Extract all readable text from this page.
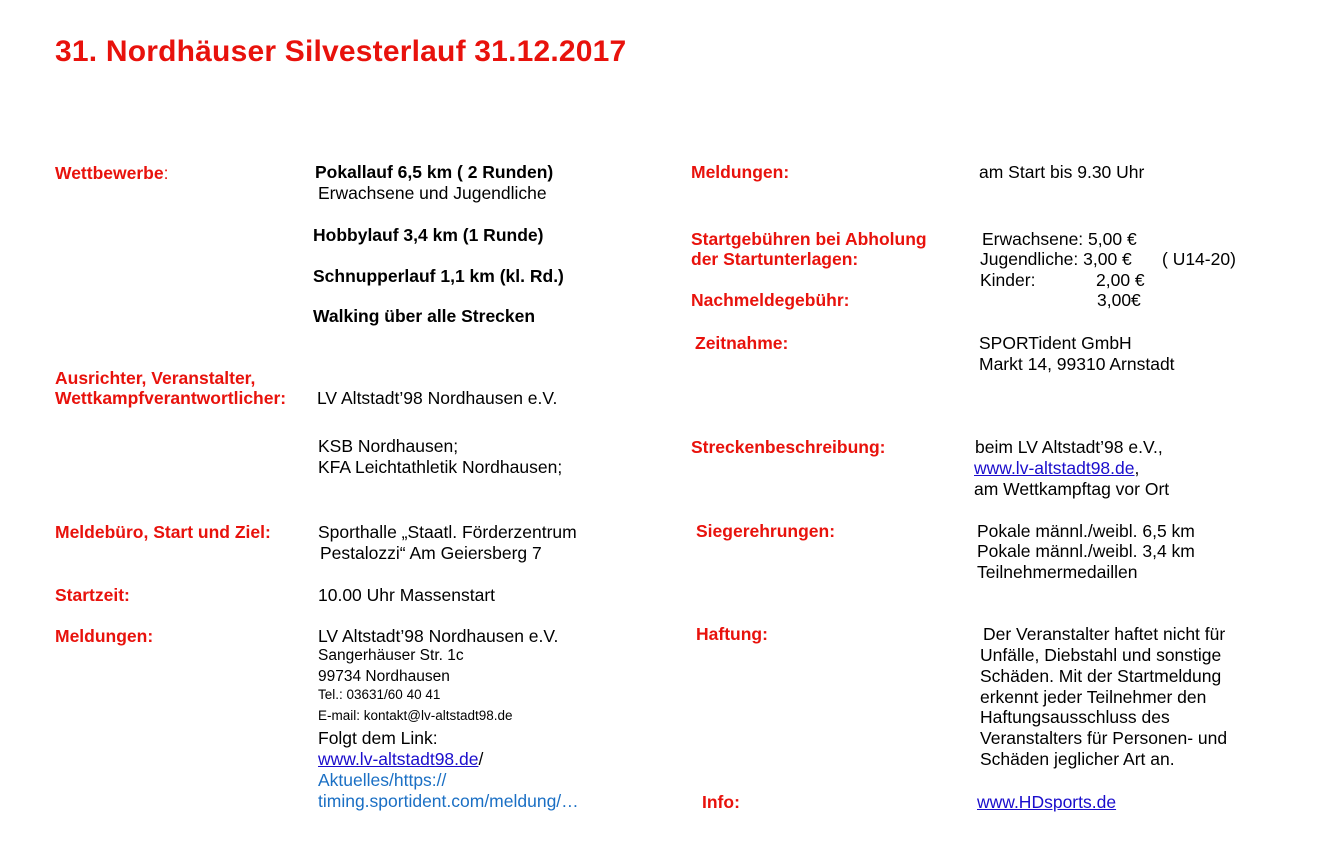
31. Nordhäuser Silvesterlauf 31.12.2017
Wettbewerbe:	Pokallauf 6,5 km ( 2 Runden)
Erwachsene und Jugendliche
Hobbylauf 3,4 km (1 Runde)
Schnupperlauf 1,1 km (kl. Rd.)
Walking über alle Strecken
Ausrichter, Veranstalter,
Wettkampfverantwortlicher: LV Altstadt’98 Nordhausen e.V.
KSB Nordhausen;
KFA Leichtathletik Nordhausen;
Meldebüro, Start und Ziel:	Sporthalle „Staatl. Förderzentrum
Pestalozzi“ Am Geiersberg 7
Startzeit:	10.00 Uhr Massenstart
Meldungen:	LV Altstadt’98 Nordhausen e.V.
Sangerhäuser Str. 1c
99734 Nordhausen
Tel.: 03631/60 40 41
E-mail: kontakt@lv-altstadt98.de
Folgt dem Link:
www.lv-altstadt98.de/
Aktuelles/https://
timing.sportident.com/meldung/…
Meldungen:	am Start bis 9.30 Uhr
Startgebühren bei Abholung
der Startunterlagen:
Erwachsene: 5,00 €
Jugendliche: 3,00 € ( U14-20)
Kinder:	2,00 €
Nachmeldegebühr:	3,00€
Zeitnahme:	SPORTident GmbH
Markt 14, 99310 Arnstadt
Streckenbeschreibung:	beim LV Altstadt’98 e.V.,
www.lv-altstadt98.de,
am Wettkampftag vor Ort
Siegerehrungen:	Pokale männl./weibl. 6,5 km
Pokale männl./weibl. 3,4 km
Teilnehmermedaillen
Haftung:	Der Veranstalter haftet nicht für
Unfälle, Diebstahl und sonstige
Schäden. Mit der Startmeldung
erkennt jeder Teilnehmer den
Haftungsausschluss des
Veranstalters für Personen- und
Schäden jeglicher Art an.
Info:	www.HDsports.de
